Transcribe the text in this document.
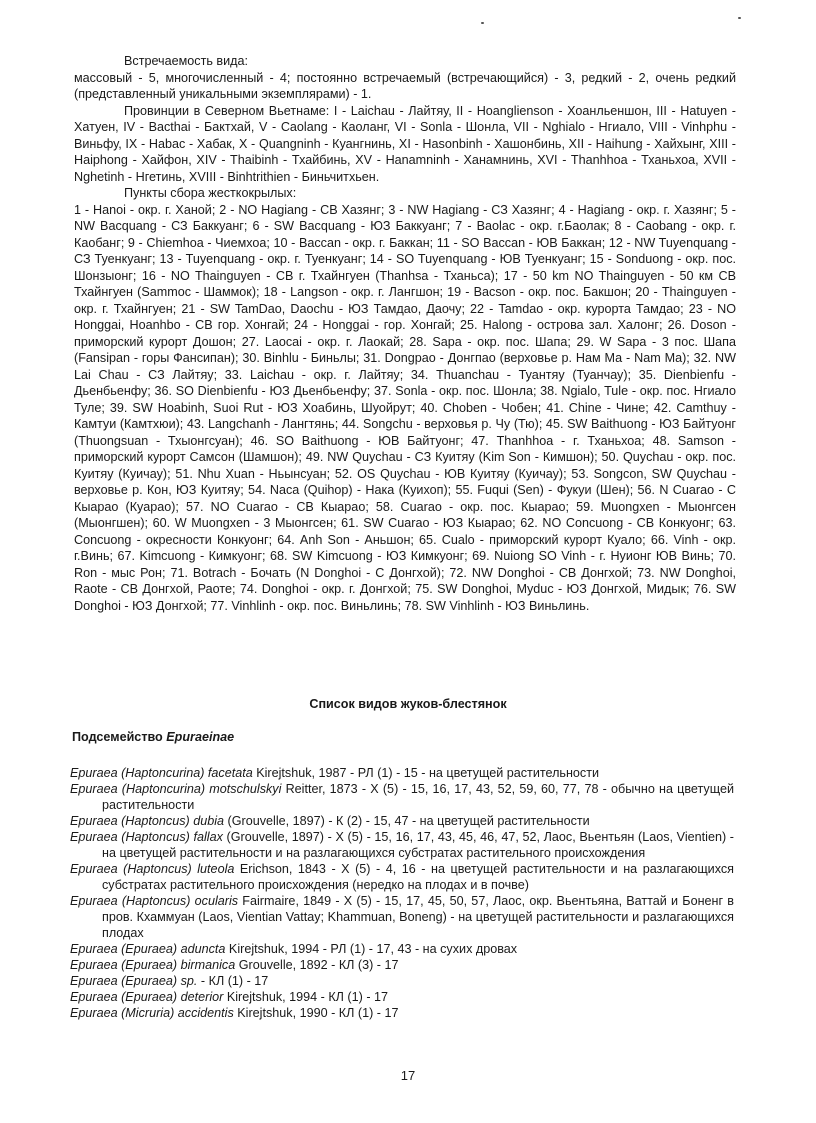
Встречаемость вида:

массовый - 5, многочисленный - 4; постоянно встречаемый (встречающийся) - 3, редкий - 2, очень редкий (представленный уникальными экземплярами) - 1.

Провинции в Северном Вьетнаме: I - Laichau - Лайтяу, II - Hoanglienson - Хоанльеншон, III - Hatuyen - Хатуен, IV - Bacthai - Бактхай, V - Caolang - Каоланг, VI - Sonla - Шонла, VII - Nghialo - Нгиало, VIII - Vinhphu - Виньфу, IX - Habac - Хабак, X - Quangninh - Куангнинь, XI - Hasonbinh - Хашонбинь, XII - Haihung - Хайхынг, XIII - Haiphong - Хайфон, XIV - Thaibinh - Тхайбинь, XV - Hanamninh - Ханамнинь, XVI - Thanhhoa - Тханьхоа, XVII - Nghetinh - Нгетинь, XVIII - Binhtrithien - Биньчитхьен.

Пункты сбора жесткокрылых:

1 - Hanoi - окр. г. Ханой; 2 - NO Hagiang - СВ Хазянг; 3 - NW Hagiang - СЗ Хазянг; 4 - Hagiang - окр. г. Хазянг; 5 - NW Bacquang - СЗ Баккуанг; 6 - SW Bacquang - ЮЗ Баккуанг; 7 - Baolac - окр. г.Баолак; 8 - Caobang - окр. г. Каобанг; 9 - Chiemhoa - Чиемхоа; 10 - Baccan - окр. г. Баккан; 11 - SO Baccan - ЮВ Баккан; 12 - NW Tuyenquang - СЗ Туенкуанг; 13 - Tuyenquang - окр. г. Туенкуанг; 14 - SO Tuyenquang - ЮВ Туенкуанг; 15 - Sonduong - окр. пос. Шонзыонг; 16 - NO Thainguyen - СВ г. Тхайнгуен (Thanhsa - Тханьса); 17 - 50 km NO Thainguyen - 50 км СВ Тхайнгуен (Sammoc - Шаммок); 18 - Langson - окр. г. Лангшон; 19 - Bacson - окр. пос. Бакшон; 20 - Thainguyen - окр. г. Тхайнгуен; 21 - SW TamDao, Daochu - ЮЗ Тамдао, Даочу; 22 - Tamdao - окр. курорта Тамдао; 23 - NO Honggai, Hoanhbo - СВ гор. Хонгай; 24 - Honggai - гор. Хонгай; 25. Halong - острова зал. Халонг; 26. Doson - приморский курорт Дошон; 27. Laocai - окр. г. Лаокай; 28. Sapa - окр. пос. Шапа; 29. W Sapa - 3 пос. Шапа (Fansipan - горы Фансипан); 30. Binhlu - Биньлы; 31. Dongpao - Донгпао (верховье р. Нам Ма - Nam Ma); 32. NW Lai Chau - СЗ Лайтяу; 33. Laichau - окр. г. Лайтяу; 34. Thuanchau - Туантяу (Туанчау); 35. Dienbienfu - Дьенбьенфу; 36. SO Dienbienfu - ЮЗ Дьенбьенфу; 37. Sonla - окр. пос. Шонла; 38. Ngialo, Tule - окр. пос. Нгиало Туле; 39. SW Hoabinh, Suoi Rut - ЮЗ Хоабинь, Шуойрут; 40. Choben - Чобен; 41. Chine - Чине; 42. Camthuy - Камтуи (Камтхюи); 43. Langchanh - Лангтянь; 44. Songchu - верховья р. Чу (Тю); 45. SW Baithuong - ЮЗ Байтуонг (Thuongsuan - Тхыонгсуан); 46. SO Baithuong - ЮВ Байтуонг; 47. Thanhhoa - г. Тханьхоа; 48. Samson - приморский курорт Самсон (Шамшон); 49. NW Quychau - СЗ Куитяу (Kim Son - Кимшон); 50. Quychau - окр. пос. Куитяу (Куичау); 51. Nhu Xuan - Ньынсуан; 52. OS Quychau - ЮВ Куитяу (Куичау); 53. Songcon, SW Quychau - верховье р. Кон, ЮЗ Куитяу; 54. Naca (Quihop) - Нака (Куихоп); 55. Fuqui (Sen) - Фукуи (Шен); 56. N Cuarao - С Кыарао (Куарао); 57. NO Cuarao - СВ Кыарао; 58. Cuarao - окр. пос. Кыарао; 59. Muongxen - Мыонгсен (Мыонгшен); 60. W Muongxen - 3 Мыонгсен; 61. SW Cuarao - ЮЗ Кыарао; 62. NO Concuong - СВ Конкуонг; 63. Concuong - окресности Конкуонг; 64. Anh Son - Аньшон; 65. Cualo - приморский курорт Куало; 66. Vinh - окр. г.Винь; 67. Kimcuong - Кимкуонг; 68. SW Kimcuong - ЮЗ Кимкуонг; 69. Nuiong SO Vinh - г. Нуионг ЮВ Винь; 70. Ron - мыс Рон; 71. Botrach - Бочать (N Donghoi - С Донгхой); 72. NW Donghoi - СВ Донгхой; 73. NW Donghoi, Raote - СВ Донгхой, Раоте; 74. Donghoi - окр. г. Донгхой; 75. SW Donghoi, Myduc - ЮЗ Донгхой, Мидык; 76. SW Donghoi - ЮЗ Донгхой; 77. Vinhlinh - окр. пос. Виньлинь; 78. SW Vinhlinh - ЮЗ Виньлинь.

Список видов жуков-блестянок
Подсемейство Epuraeinae

Epuraea (Haptoncurina) facetata Kirejtshuk, 1987 - РЛ (1) - 15 - на цветущей растительности

Epuraea (Haptoncurina) motschulskyi Reitter, 1873 - X (5) - 15, 16, 17, 43, 52, 59, 60, 77, 78 - обычно на цветущей растительности

Epuraea (Haptoncus) dubia (Grouvelle, 1897) - К (2) - 15, 47 - на цветущей растительности

Epuraea (Haptoncus) fallax (Grouvelle, 1897) - X (5) - 15, 16, 17, 43, 45, 46, 47, 52, Лаос, Вьентьян (Laos, Vientien) - на цветущей растительности и на разлагающихся субстратах растительного происхождения

Epuraea (Haptoncus) luteola Erichson, 1843 - X (5) - 4, 16 - на цветущей растительности и на разлагающихся субстратах растительного происхождения (нередко на плодах и в почве)

Epuraea (Haptoncus) ocularis Fairmaire, 1849 - X (5) - 15, 17, 45, 50, 57, Лаос, окр. Вьентьяна, Ваттай и Боненг в пров. Кхаммуан (Laos, Vientian Vattay; Khammuan, Boneng) - на цветущей растительности и разлагающихся плодах

Epuraea (Epuraea) aduncta Kirejtshuk, 1994 - РЛ (1) - 17, 43 - на сухих дровах

Epuraea (Epuraea) birmanica Grouvelle, 1892 - КЛ (3) - 17

Epuraea (Epuraea) sp. - КЛ (1) - 17

Epuraea (Epuraea) deterior Kirejtshuk, 1994 - КЛ (1) - 17

Epuraea (Micruria) accidentis Kirejtshuk, 1990 - КЛ (1) - 17

17
